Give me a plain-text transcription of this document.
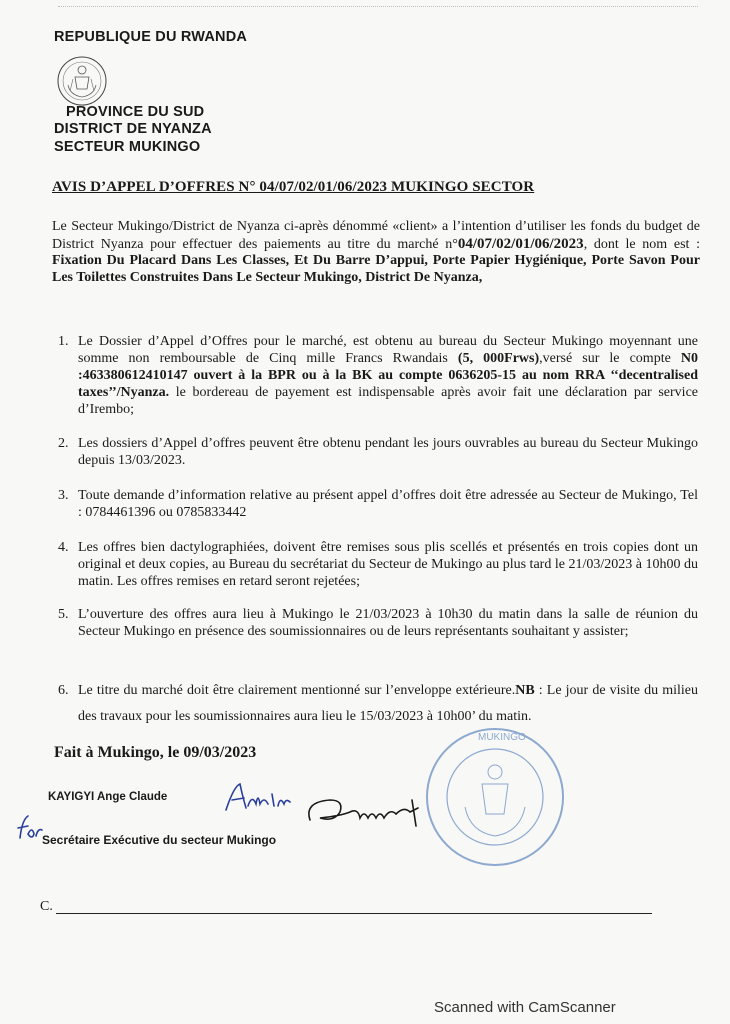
REPUBLIQUE DU RWANDA
PROVINCE DU SUD
DISTRICT DE NYANZA
SECTEUR MUKINGO
AVIS D’APPEL D’OFFRES N° 04/07/02/01/06/2023 MUKINGO SECTOR
Le Secteur Mukingo/District de Nyanza ci-après dénommé «client» a l’intention d’utiliser les fonds du budget de District Nyanza pour effectuer des paiements au titre du marché n°04/07/02/01/06/2023, dont le nom est : Fixation Du Placard Dans Les Classes, Et Du Barre D’appui, Porte Papier Hygiénique, Porte Savon Pour Les Toilettes Construites Dans Le Secteur Mukingo, District De Nyanza,
1. Le Dossier d’Appel d’Offres pour le marché, est obtenu au bureau du Secteur Mukingo moyennant une somme non remboursable de Cinq mille Francs Rwandais (5, 000Frws),versé sur le compte N0 :463380612410147 ouvert à la BPR ou à la BK au compte 0636205-15 au nom RRA ‘‘decentralised taxes’’/Nyanza. le bordereau de payement est indispensable après avoir fait une déclaration par service d’Irembo;
2. Les dossiers d’Appel d’offres peuvent être obtenu pendant les jours ouvrables au bureau du Secteur Mukingo depuis 13/03/2023.
3. Toute demande d’information relative au présent appel d’offres doit être adressée au Secteur de Mukingo, Tel : 0784461396 ou 0785833442
4. Les offres bien dactylographiées, doivent être remises sous plis scellés et présentés en trois copies dont un original et deux copies, au Bureau du secrétariat du Secteur de Mukingo au plus tard le 21/03/2023 à 10h00 du matin. Les offres remises en retard seront rejetées;
5. L’ouverture des offres aura lieu à Mukingo le 21/03/2023 à 10h30 du matin dans la salle de réunion du Secteur Mukingo en présence des soumissionnaires ou de leurs représentants souhaitant y assister;
6. Le titre du marché doit être clairement mentionné sur l’enveloppe extérieure.NB : Le jour de visite du milieu des travaux pour les soumissionnaires aura lieu le 15/03/2023 à 10h00’ du matin.
Fait à Mukingo, le 09/03/2023
KAYIGYI Ange Claude
Secrétaire Exécutive du secteur Mukingo
MUKINGO
C.
Scanned with CamScanner
